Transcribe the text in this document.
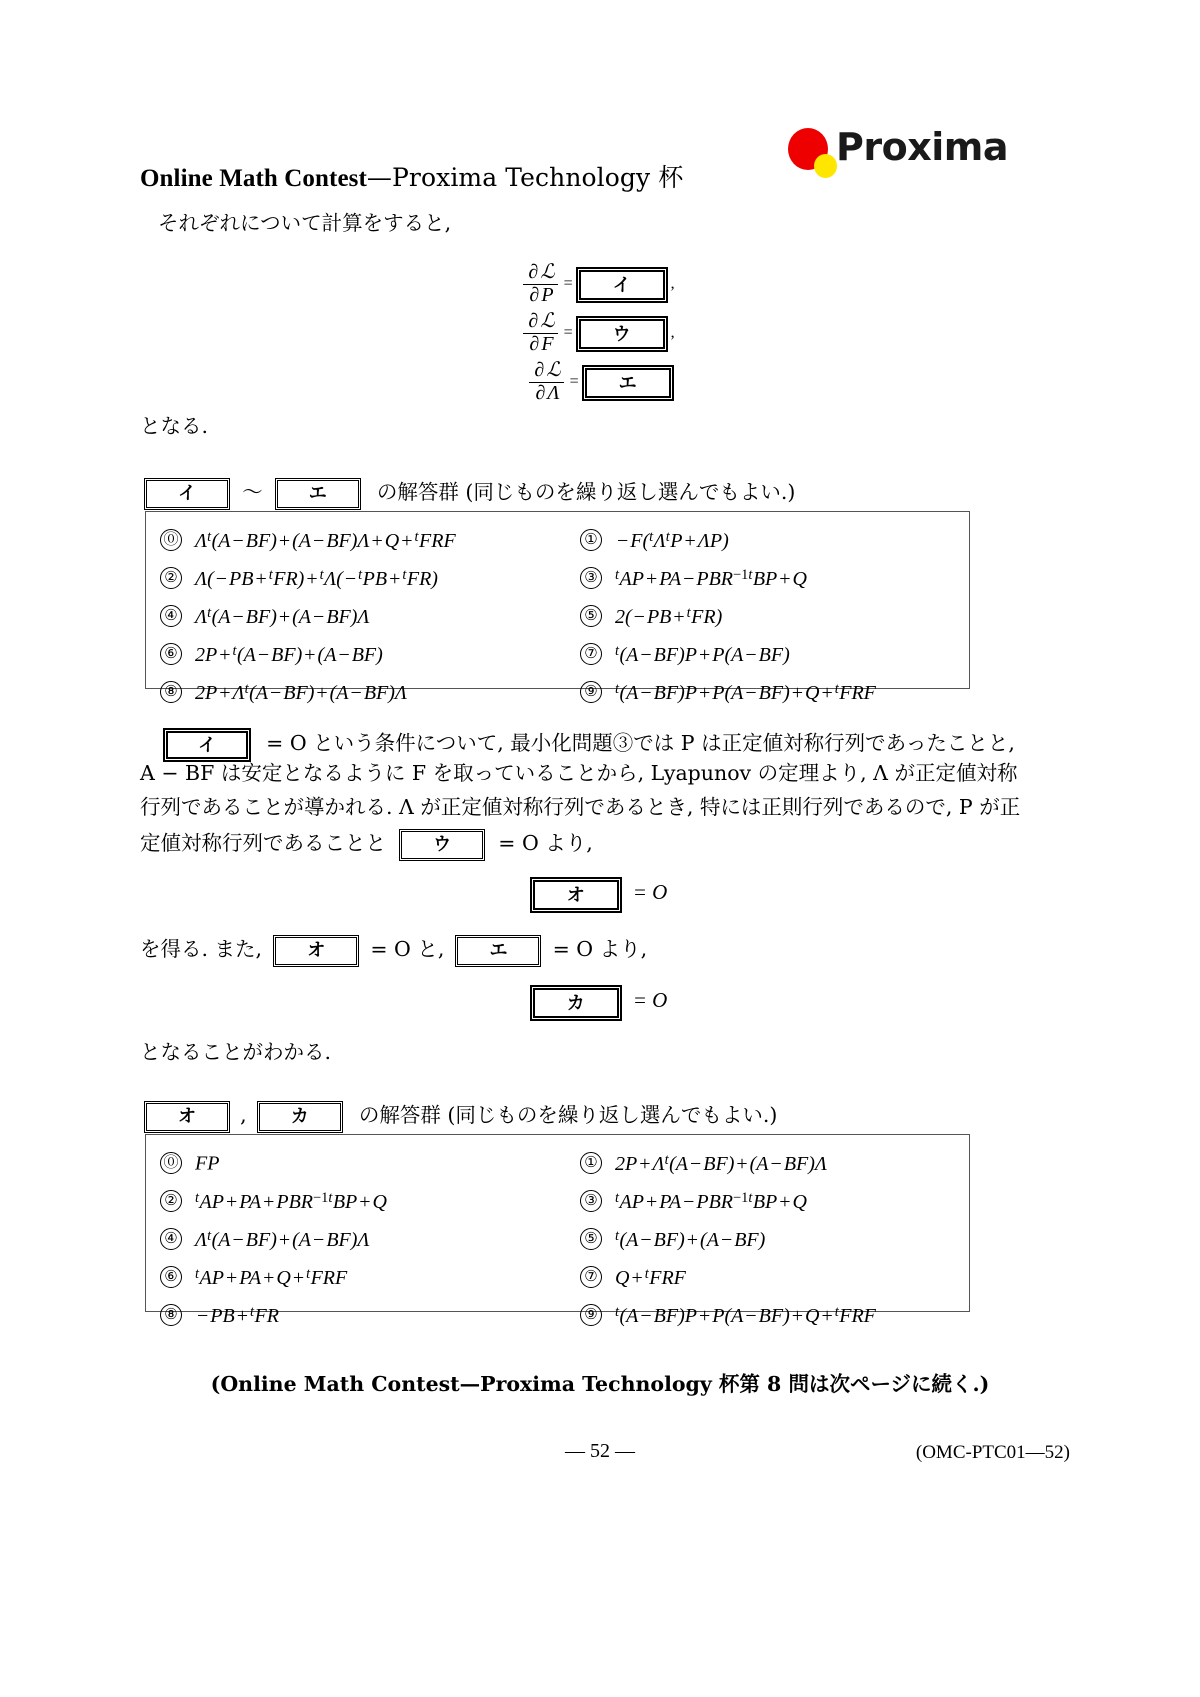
Online Math Contest—Proxima Technology 杯
Proxima
それぞれについて計算をすると,
$\frac{\text{∂ ℒ}}{\partial P}$ = イ	,
$\frac{\text{∂ ℒ}}{\partial F}$ = ウ	,
$\frac{\text{∂ ℒ}}{\partial \Lambda}$ = エ
となる.
イ 〜	エ の解答群 (同じものを繰り返し選んでもよい.)
⓪ $\Lambda^t(A - BF) + (A - BF)\Lambda + Q + ^tFRF$	① − $F(^t\Lambda^tP + \Lambda P)$
② Λ( − PB + $^t$FR) + $^t$Λ( − $^t$PB + $^t$FR)	③ $^t$AP + PA − $PBR^{-1t}BP + Q$
④ $\Lambda^t(A - BF) + (A - BF)\Lambda$	⑤ 2( − PB + $^t$FR)
⑥ 2P + $^t$(A − BF) + (A − BF)	⑦ $^t$(A − BF)P + P(A − BF)
⑧ $2P + \Lambda^t(A - BF) + (A - BF)\Lambda$	⑨ $^t$(A − BF)P + P(A − BF) + Q + $^t$FRF
イ = O という条件について, 最小化問題③では P は正定値対称行列であったことと,
A − BF は安定となるように F を取っていることから, Lyapunov の定理より, Λ が正定値対称
行列であることが導かれる. Λ が正定値対称行列であるとき, 特には正則行列であるので, P が正
定値対称行列であることと	ウ = O より,
オ = O
を得る. また,	オ = O と,	エ = O より,
カ = O
となることがわかる.
オ , カ の解答群 (同じものを繰り返し選んでもよい.)
⓪ FP	① $2P + \Lambda^t(A - BF) + (A - BF)\Lambda$
② $^t$AP + PA + $PBR^{-1t}BP + Q$	③ $^t$AP + PA − $PBR^{-1t}BP + Q$
④ $\Lambda^t(A - BF) + (A - BF)\Lambda$	⑤ $^t$(A − BF) + (A − BF)
⑥ $^t$AP + PA + Q + $^t$FRF	⑦ Q + $^t$FRF
⑧ − PB + $^t$FR	⑨ $^t$(A − BF)P + P(A − BF) + Q + $^t$FRF
(Online Math Contest—Proxima Technology 杯第 8 問は次ページに続く.)
— 52 —	(OMC-PTC01—52)
